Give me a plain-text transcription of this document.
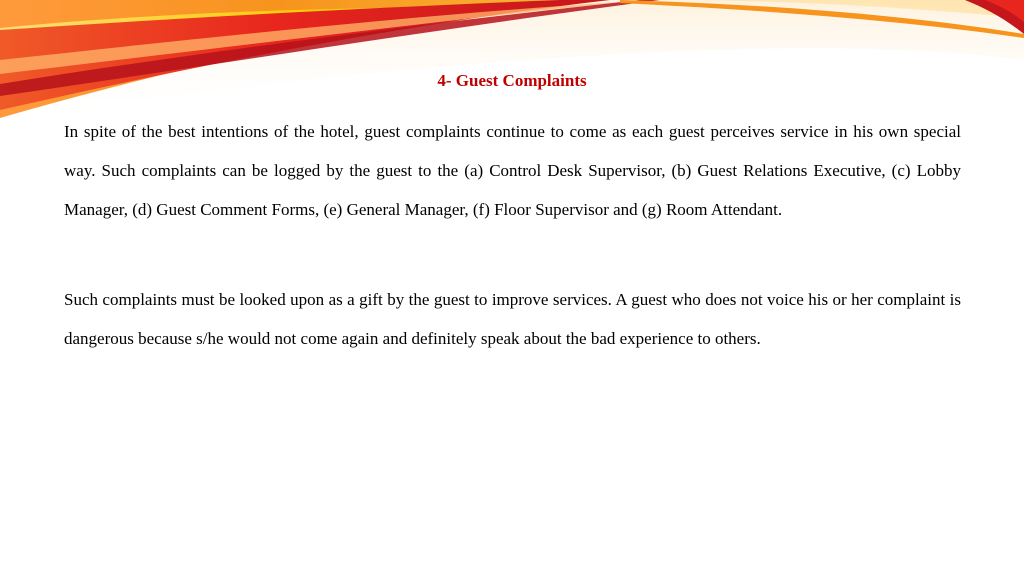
4- Guest Complaints

In spite of the best intentions of the hotel, guest complaints continue to come as each guest perceives service in his own special way. Such complaints can be logged by the guest to the (a) Control Desk Supervisor, (b) Guest Relations Executive, (c) Lobby Manager, (d) Guest Comment Forms, (e) General Manager, (f) Floor Supervisor and (g) Room Attendant.

Such complaints must be looked upon as a gift by the guest to improve services. A guest who does not voice his or her complaint is dangerous because s/he would not come again and definitely speak about the bad experience to others.
